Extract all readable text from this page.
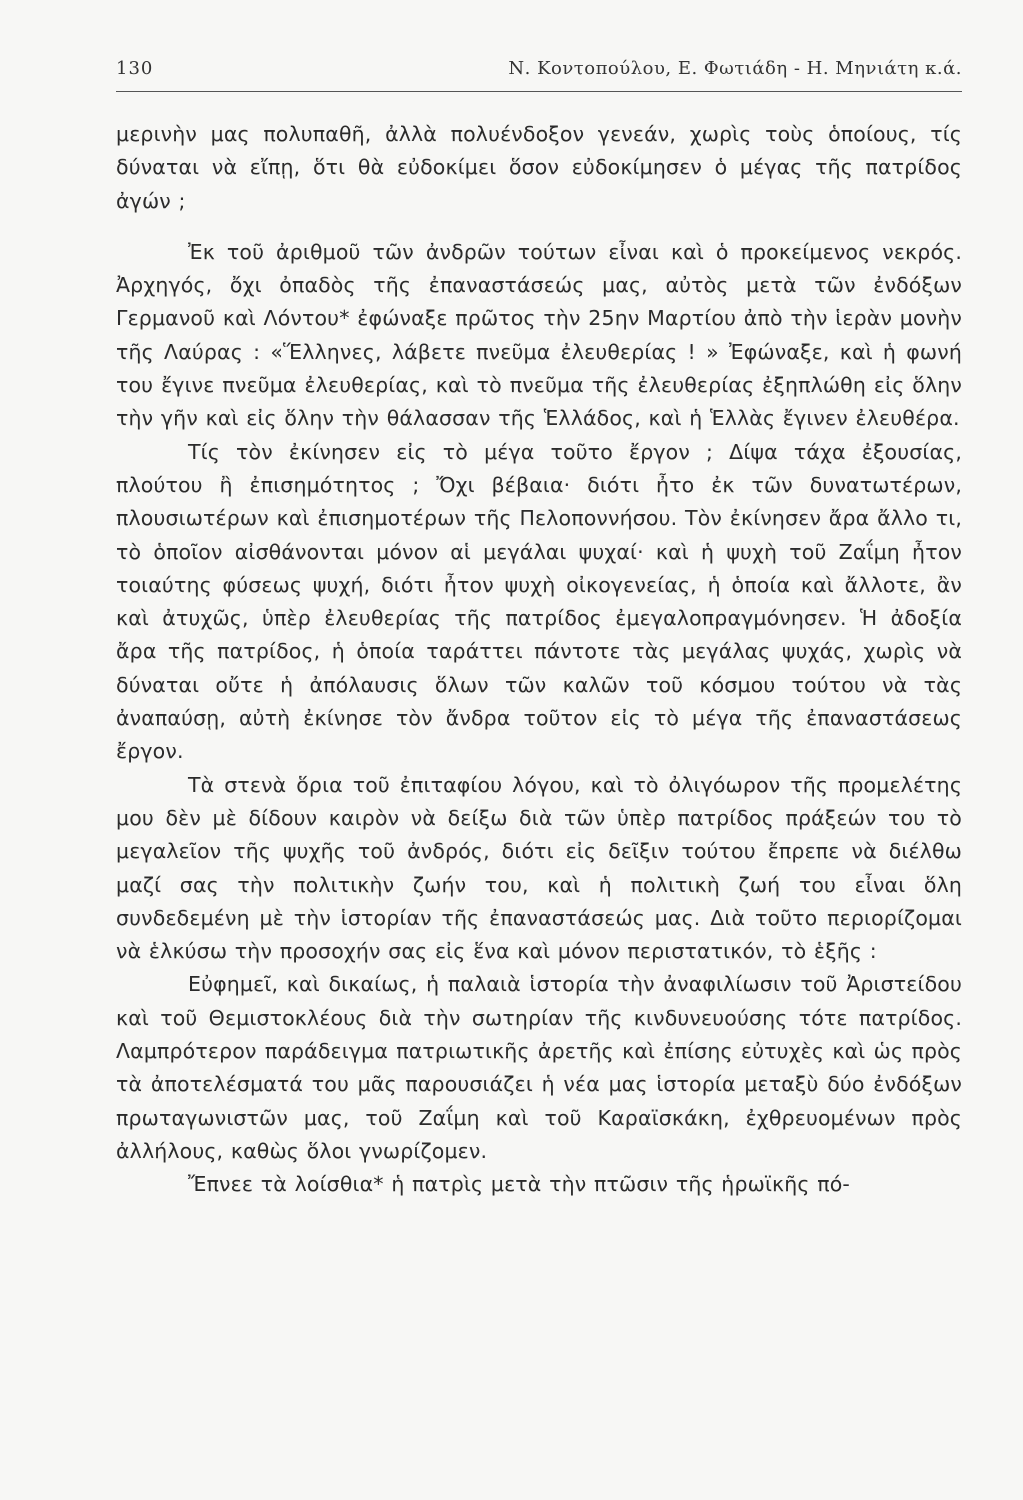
130	Ν. Κοντοπούλου, Ε. Φωτιάδη - Η. Μηνιάτη κ.ά.

μερινὴν μας πολυπαθῆ, ἀλλὰ πολυένδοξον γενεάν, χωρὶς τοὺς ὁποίους, τίς δύναται νὰ εἴπῃ, ὅτι θὰ εὐδοκίμει ὅσον εὐδοκίμησεν ὁ μέγας τῆς πατρίδος ἀγών ;

Ἐκ τοῦ ἀριθμοῦ τῶν ἀνδρῶν τούτων εἶναι καὶ ὁ προκείμενος νεκρός. Ἀρχηγός, ὄχι ὀπαδὸς τῆς ἐπαναστάσεώς μας, αὐτὸς μετὰ τῶν ἐνδόξων Γερμανοῦ καὶ Λόντου* ἐφώναξε πρῶτος τὴν 25ην Μαρτίου ἀπὸ τὴν ἱερὰν μονὴν τῆς Λαύρας : «Ἕλληνες, λάβετε πνεῦμα ἐλευθερίας ! » Ἐφώναξε, καὶ ἡ φωνή του ἔγινε πνεῦμα ἐλευθερίας, καὶ τὸ πνεῦμα τῆς ἐλευθερίας ἐξηπλώθη εἰς ὅλην τὴν γῆν καὶ εἰς ὅλην τὴν θάλασσαν τῆς Ἑλλάδος, καὶ ἡ Ἑλλὰς ἔγινεν ἐλευθέρα.

Τίς τὸν ἐκίνησεν εἰς τὸ μέγα τοῦτο ἔργον ; Δίψα τάχα ἐξουσίας, πλούτου ἢ ἐπισημότητος ; Ὄχι βέβαια· διότι ἦτο ἐκ τῶν δυνατωτέρων, πλουσιωτέρων καὶ ἐπισημοτέρων τῆς Πελοποννήσου. Τὸν ἐκίνησεν ἄρα ἄλλο τι, τὸ ὁποῖον αἰσθάνονται μόνον αἱ μεγάλαι ψυχαί· καὶ ἡ ψυχὴ τοῦ Ζαΐμη ἦτον τοιαύτης φύσεως ψυχή, διότι ἦτον ψυχὴ οἰκογενείας, ἡ ὁποία καὶ ἄλλοτε, ἂν καὶ ἀτυχῶς, ὑπὲρ ἐλευθερίας τῆς πατρίδος ἐμεγαλοπραγμόνησεν. Ἡ ἀδοξία ἄρα τῆς πατρίδος, ἡ ὁποία ταράττει πάντοτε τὰς μεγάλας ψυχάς, χωρὶς νὰ δύναται οὔτε ἡ ἀπόλαυσις ὅλων τῶν καλῶν τοῦ κόσμου τούτου νὰ τὰς ἀναπαύσῃ, αὐτὴ ἐκίνησε τὸν ἄνδρα τοῦτον εἰς τὸ μέγα τῆς ἐπαναστάσεως ἔργον.

Τὰ στενὰ ὅρια τοῦ ἐπιταφίου λόγου, καὶ τὸ ὀλιγόωρον τῆς προμελέτης μου δὲν μὲ δίδουν καιρὸν νὰ δείξω διὰ τῶν ὑπὲρ πατρίδος πράξεών του τὸ μεγαλεῖον τῆς ψυχῆς τοῦ ἀνδρός, διότι εἰς δεῖξιν τούτου ἔπρεπε νὰ διέλθω μαζί σας τὴν πολιτικὴν ζωήν του, καὶ ἡ πολιτικὴ ζωή του εἶναι ὅλη συνδεδεμένη μὲ τὴν ἱστορίαν τῆς ἐπαναστάσεώς μας. Διὰ τοῦτο περιορίζομαι νὰ ἑλκύσω τὴν προσοχήν σας εἰς ἕνα καὶ μόνον περιστατικόν, τὸ ἑξῆς :

Εὐφημεῖ, καὶ δικαίως, ἡ παλαιὰ ἱστορία τὴν ἀναφιλίωσιν τοῦ Ἀριστείδου καὶ τοῦ Θεμιστοκλέους διὰ τὴν σωτηρίαν τῆς κινδυνευούσης τότε πατρίδος. Λαμπρότερον παράδειγμα πατριωτικῆς ἀρετῆς καὶ ἐπίσης εὐτυχὲς καὶ ὡς πρὸς τὰ ἀποτελέσματά του μᾶς παρουσιάζει ἡ νέα μας ἱστορία μεταξὺ δύο ἐνδόξων πρωταγωνιστῶν μας, τοῦ Ζαΐμη καὶ τοῦ Καραϊσκάκη, ἐχθρευομένων πρὸς ἀλλήλους, καθὼς ὅλοι γνωρίζομεν.

Ἔπνεε τὰ λοίσθια* ἡ πατρὶς μετὰ τὴν πτῶσιν τῆς ἡρωϊκῆς πό-
